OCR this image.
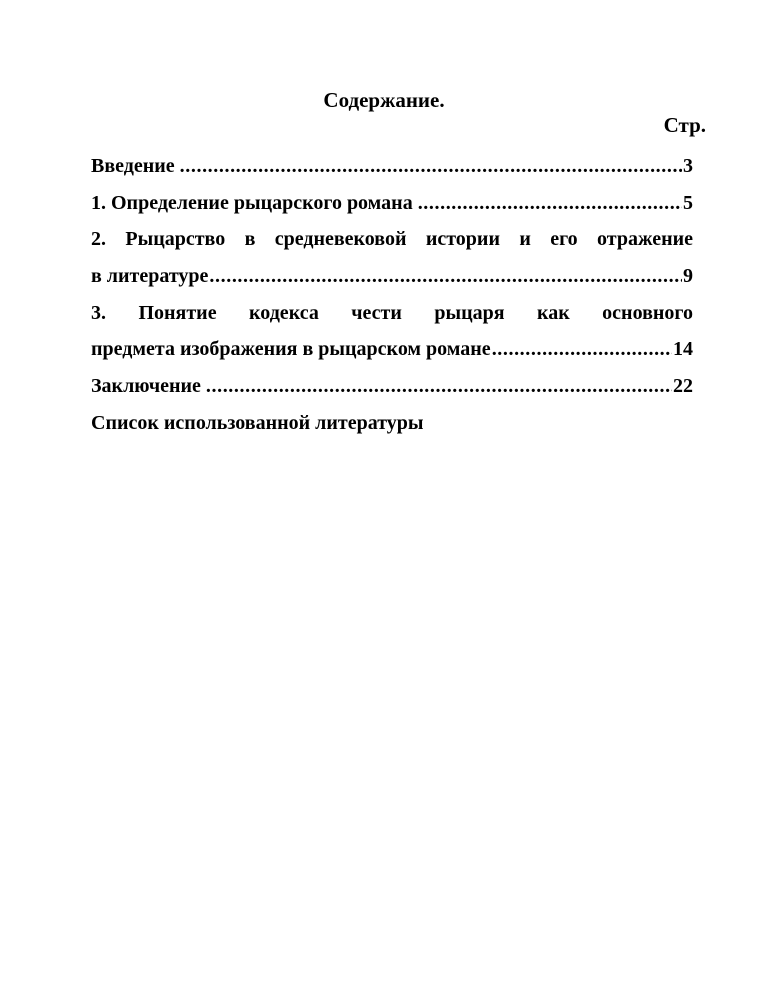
Содержание.
Стр.
Введение .....	3
1. Определение рыцарского романа .....	5
2. Рыцарство в средневековой истории и его отражение
в литературе .....	9
3. Понятие кодекса чести рыцаря как основного
предмета изображения в рыцарском романе .....	14
Заключение .....	22
Список использованной литературы
